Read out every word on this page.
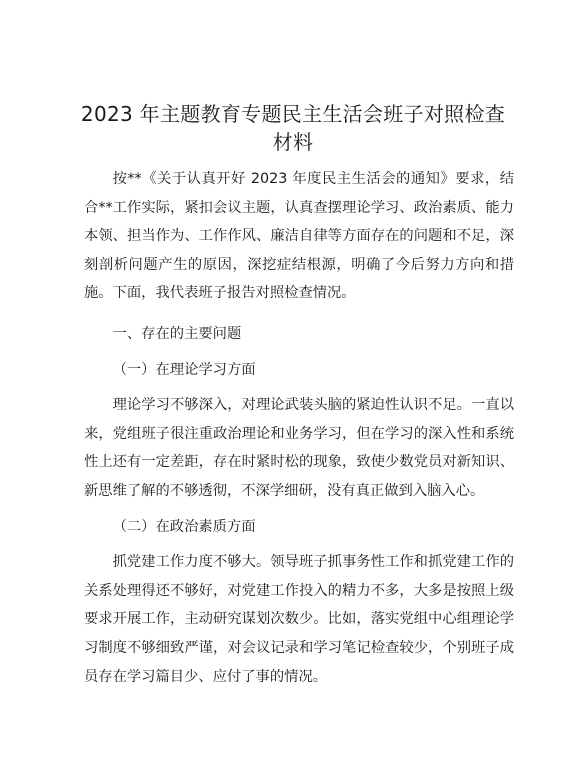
2023 年主题教育专题民主生活会班子对照检查
材料

按**《关于认真开好 2023 年度民主生活会的通知》要求，结合**工作实际，紧扣会议主题，认真查摆理论学习、政治素质、能力本领、担当作为、工作作风、廉洁自律等方面存在的问题和不足，深刻剖析问题产生的原因，深挖症结根源，明确了今后努力方向和措施。下面，我代表班子报告对照检查情况。

一、存在的主要问题

（一）在理论学习方面

理论学习不够深入，对理论武装头脑的紧迫性认识不足。一直以来，党组班子很注重政治理论和业务学习，但在学习的深入性和系统性上还有一定差距，存在时紧时松的现象，致使少数党员对新知识、新思维了解的不够透彻，不深学细研，没有真正做到入脑入心。

（二）在政治素质方面

抓党建工作力度不够大。领导班子抓事务性工作和抓党建工作的关系处理得还不够好，对党建工作投入的精力不多，大多是按照上级要求开展工作，主动研究谋划次数少。比如，落实党组中心组理论学习制度不够细致严谨，对会议记录和学习笔记检查较少，个别班子成员存在学习篇目少、应付了事的情况。
